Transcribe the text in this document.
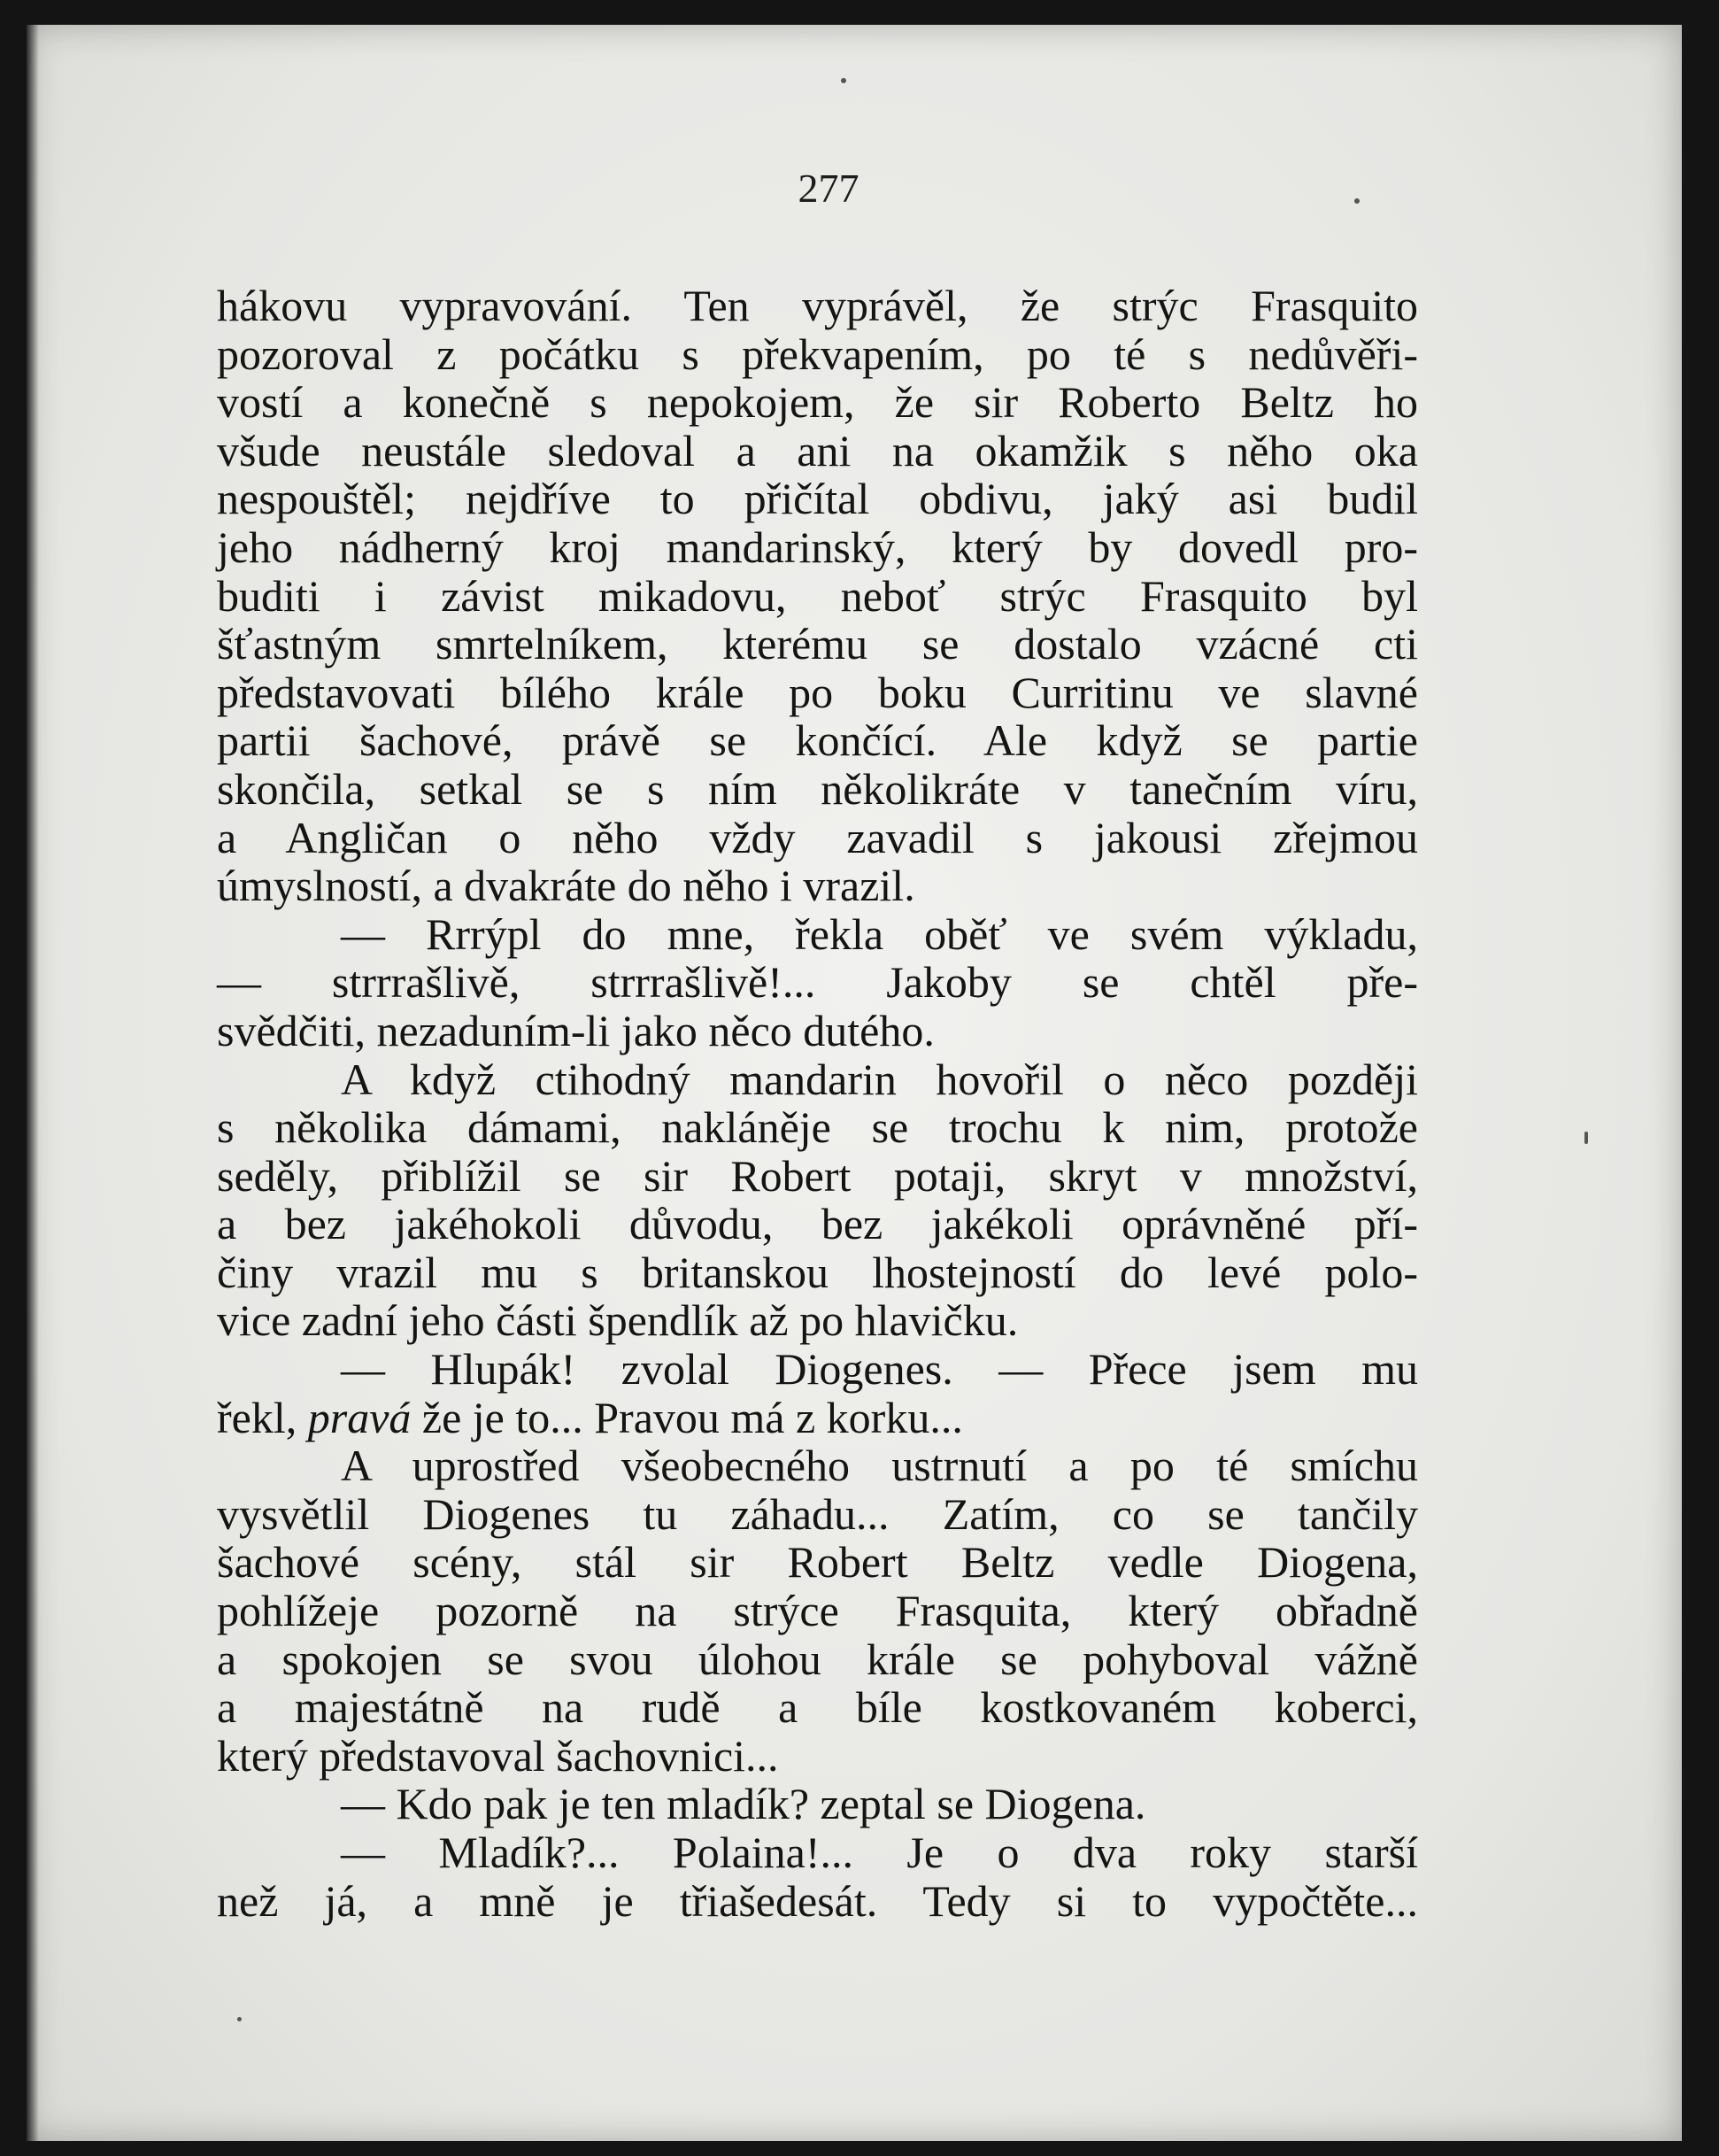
277
hákovu vypravování. Ten vyprávěl, že strýc Frasquito
pozoroval z počátku s překvapením, po té s nedůvěři-
vostí a konečně s nepokojem, že sir Roberto Beltz ho
všude neustále sledoval a ani na okamžik s něho oka
nespouštěl; nejdříve to přičítal obdivu, jaký asi budil
jeho nádherný kroj mandarinský, který by dovedl pro-
buditi i závist mikadovu, neboť strýc Frasquito byl
šťastným smrtelníkem, kterému se dostalo vzácné cti
představovati bílého krále po boku Curritinu ve slavné
partii šachové, právě se končící. Ale když se partie
skončila, setkal se s ním několikráte v tanečním víru,
a Angličan o něho vždy zavadil s jakousi zřejmou
úmyslností, a dvakráte do něho i vrazil.
— Rrrýpl do mne, řekla oběť ve svém výkladu,
— strrrašlivě, strrrašlivě!... Jakoby se chtěl pře-
svědčiti, nezaduním-li jako něco dutého.
A když ctihodný mandarin hovořil o něco později
s několika dámami, nakláněje se trochu k nim, protože
seděly, přiblížil se sir Robert potaji, skryt v množství,
a bez jakéhokoli důvodu, bez jakékoli oprávněné pří-
činy vrazil mu s britanskou lhostejností do levé polo-
vice zadní jeho části špendlík až po hlavičku.
— Hlupák! zvolal Diogenes. — Přece jsem mu
řekl, pravá že je to... Pravou má z korku...
A uprostřed všeobecného ustrnutí a po té smíchu
vysvětlil Diogenes tu záhadu... Zatím, co se tančily
šachové scény, stál sir Robert Beltz vedle Diogena,
pohlížeje pozorně na strýce Frasquita, který obřadně
a spokojen se svou úlohou krále se pohyboval vážně
a majestátně na rudě a bíle kostkovaném koberci,
který představoval šachovnici...
— Kdo pak je ten mladík? zeptal se Diogena.
— Mladík?... Polaina!... Je o dva roky starší
než já, a mně je třiašedesát. Tedy si to vypočtěte...
